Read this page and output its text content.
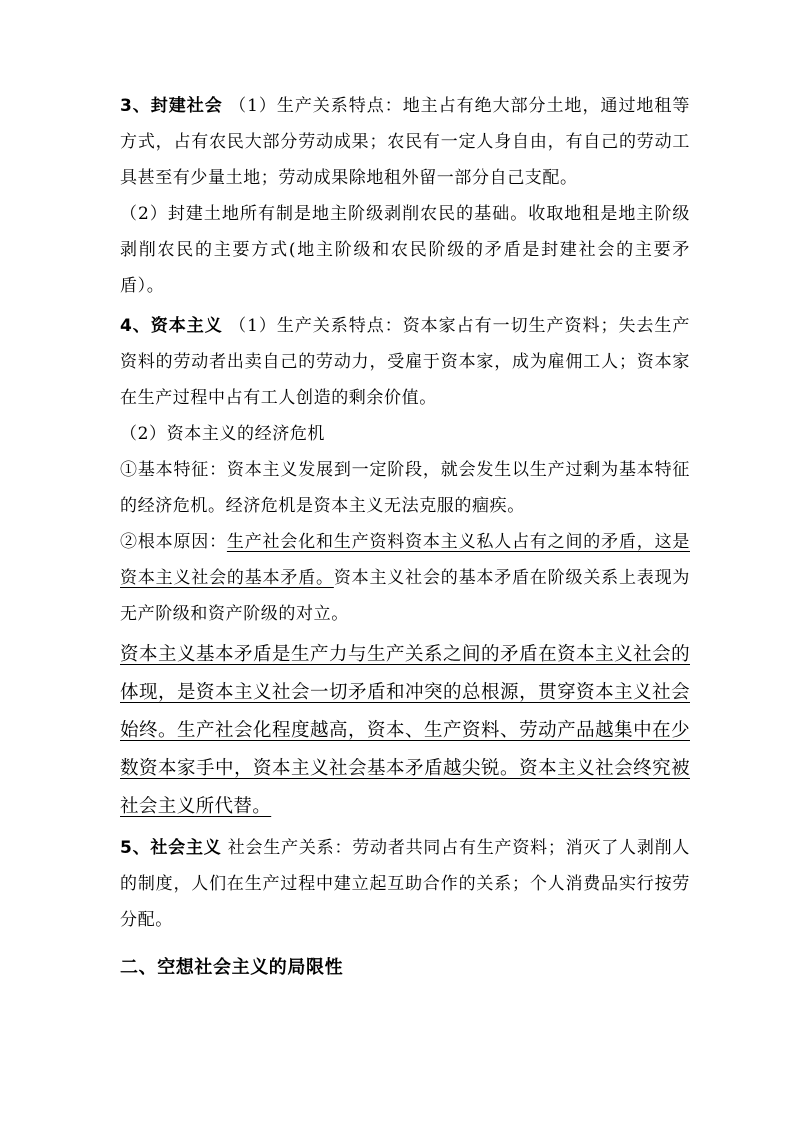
3、封建社会 （1）生产关系特点：地主占有绝大部分土地，通过地租等方式，占有农民大部分劳动成果；农民有一定人身自由，有自己的劳动工具甚至有少量土地；劳动成果除地租外留一部分自己支配。

（2）封建土地所有制是地主阶级剥削农民的基础。收取地租是地主阶级剥削农民的主要方式(地主阶级和农民阶级的矛盾是封建社会的主要矛盾）。

4、资本主义 （1）生产关系特点：资本家占有一切生产资料；失去生产资料的劳动者出卖自己的劳动力，受雇于资本家，成为雇佣工人；资本家在生产过程中占有工人创造的剩余价值。

（2）资本主义的经济危机

①基本特征：资本主义发展到一定阶段，就会发生以生产过剩为基本特征的经济危机。经济危机是资本主义无法克服的痼疾。

②根本原因：生产社会化和生产资料资本主义私人占有之间的矛盾，这是资本主义社会的基本矛盾。资本主义社会的基本矛盾在阶级关系上表现为无产阶级和资产阶级的对立。

资本主义基本矛盾是生产力与生产关系之间的矛盾在资本主义社会的体现，是资本主义社会一切矛盾和冲突的总根源，贯穿资本主义社会始终。生产社会化程度越高，资本、生产资料、劳动产品越集中在少数资本家手中，资本主义社会基本矛盾越尖锐。资本主义社会终究被社会主义所代替。

5、社会主义 社会生产关系：劳动者共同占有生产资料；消灭了人剥削人的制度，人们在生产过程中建立起互助合作的关系；个人消费品实行按劳分配。

二、空想社会主义的局限性
